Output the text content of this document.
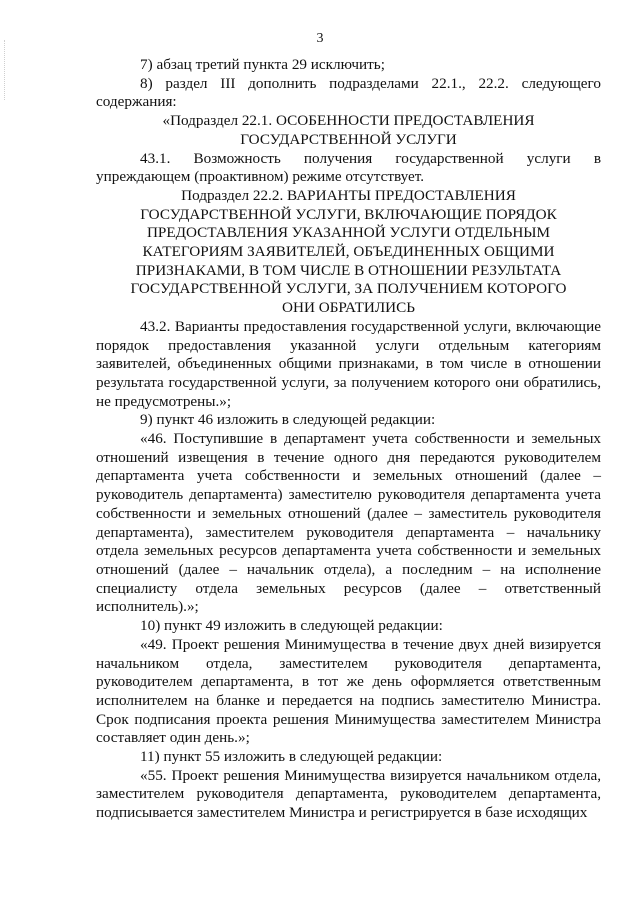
3

7) абзац третий пункта 29 исключить;

8) раздел III дополнить подразделами 22.1., 22.2. следующего содержания:

«Подраздел 22.1. ОСОБЕННОСТИ ПРЕДОСТАВЛЕНИЯ ГОСУДАРСТВЕННОЙ УСЛУГИ

43.1. Возможность получения государственной услуги в упреждающем (проактивном) режиме отсутствует.

Подраздел 22.2. ВАРИАНТЫ ПРЕДОСТАВЛЕНИЯ ГОСУДАРСТВЕННОЙ УСЛУГИ, ВКЛЮЧАЮЩИЕ ПОРЯДОК ПРЕДОСТАВЛЕНИЯ УКАЗАННОЙ УСЛУГИ ОТДЕЛЬНЫМ КАТЕГОРИЯМ ЗАЯВИТЕЛЕЙ, ОБЪЕДИНЕННЫХ ОБЩИМИ ПРИЗНАКАМИ, В ТОМ ЧИСЛЕ В ОТНОШЕНИИ РЕЗУЛЬТАТА ГОСУДАРСТВЕННОЙ УСЛУГИ, ЗА ПОЛУЧЕНИЕМ КОТОРОГО ОНИ ОБРАТИЛИСЬ

43.2. Варианты предоставления государственной услуги, включающие порядок предоставления указанной услуги отдельным категориям заявителей, объединенных общими признаками, в том числе в отношении результата государственной услуги, за получением которого они обратились, не предусмотрены.»;

9) пункт 46 изложить в следующей редакции:

«46. Поступившие в департамент учета собственности и земельных отношений извещения в течение одного дня передаются руководителем департамента учета собственности и земельных отношений (далее – руководитель департамента) заместителю руководителя департамента учета собственности и земельных отношений (далее – заместитель руководителя департамента), заместителем руководителя департамента – начальнику отдела земельных ресурсов департамента учета собственности и земельных отношений (далее – начальник отдела), а последним – на исполнение специалисту отдела земельных ресурсов (далее – ответственный исполнитель).»;

10) пункт 49 изложить в следующей редакции:

«49. Проект решения Минимущества в течение двух дней визируется начальником отдела, заместителем руководителя департамента, руководителем департамента, в тот же день оформляется ответственным исполнителем на бланке и передается на подпись заместителю Министра. Срок подписания проекта решения Минимущества заместителем Министра составляет один день.»;

11) пункт 55 изложить в следующей редакции:

«55. Проект решения Минимущества визируется начальником отдела, заместителем руководителя департамента, руководителем департамента, подписывается заместителем Министра и регистрируется в базе исходящих
